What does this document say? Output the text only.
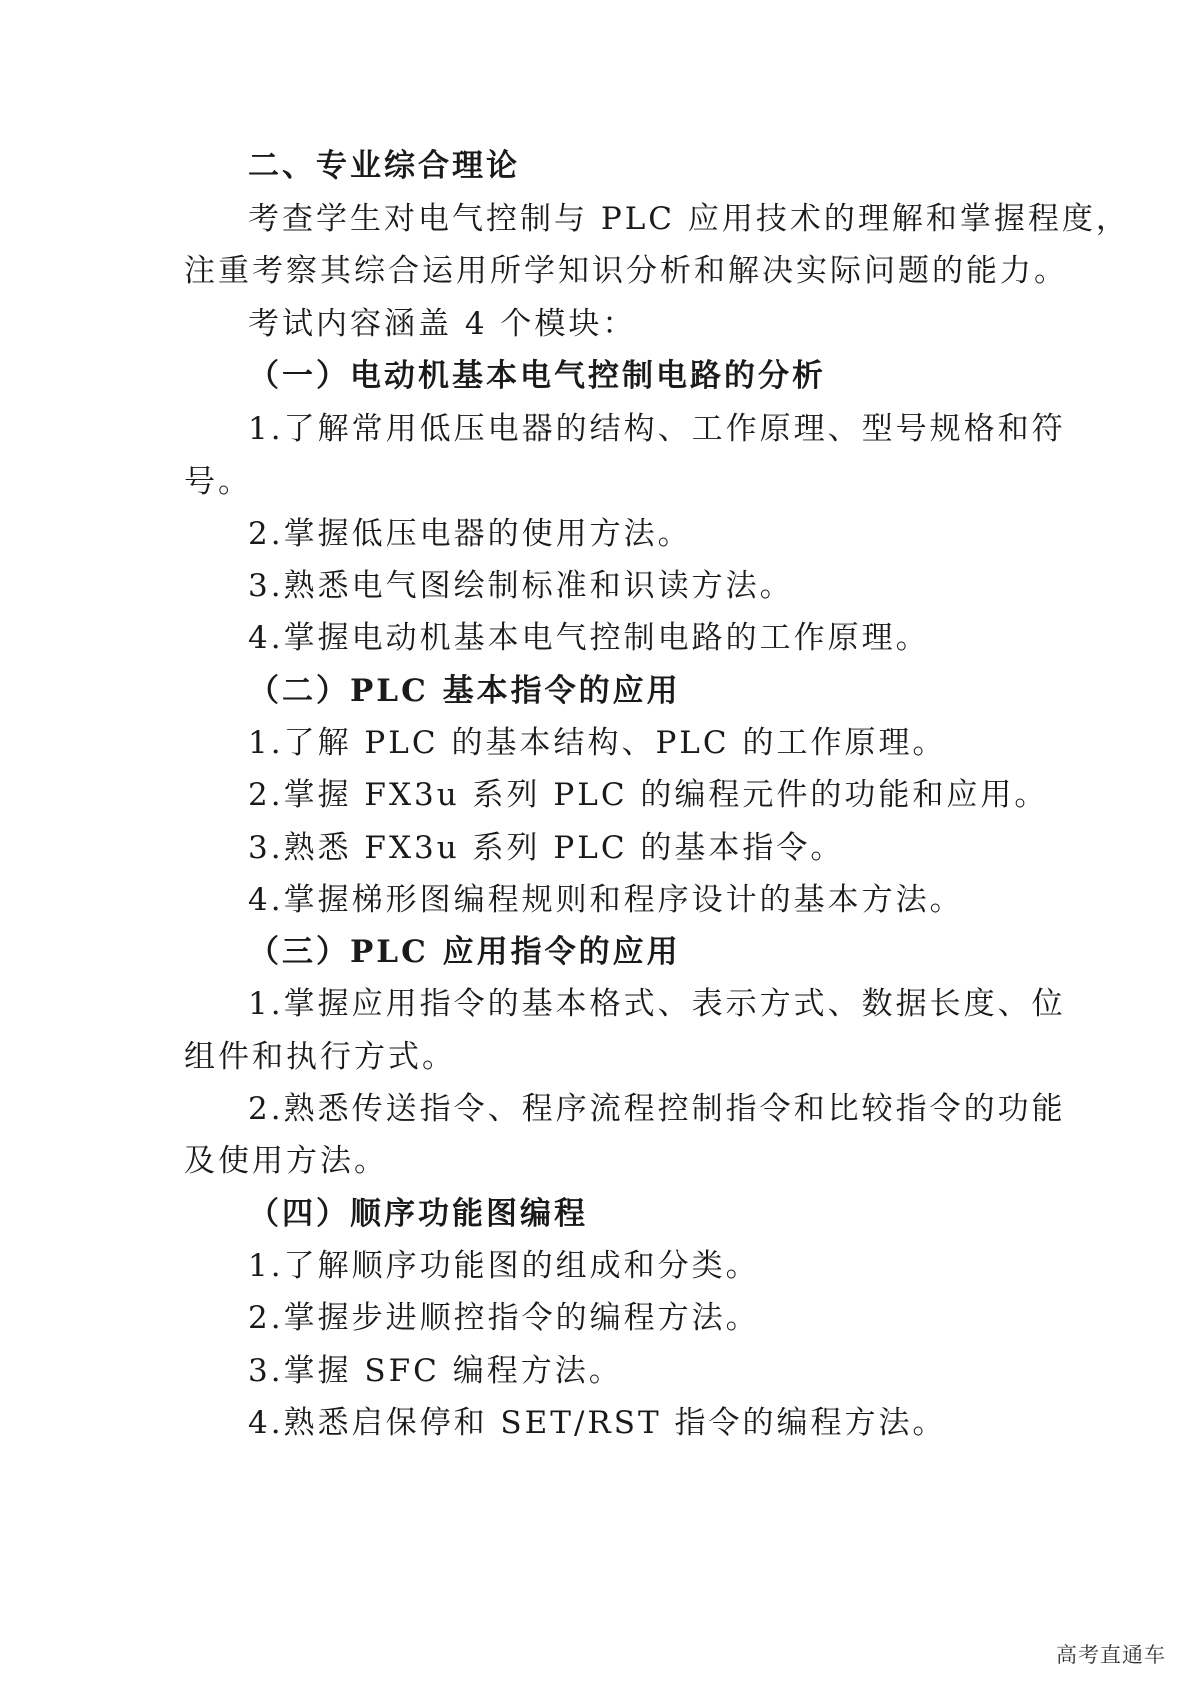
二、专业综合理论
考查学生对电气控制与 PLC 应用技术的理解和掌握程度，
注重考察其综合运用所学知识分析和解决实际问题的能力。
考试内容涵盖 4 个模块：
（一）电动机基本电气控制电路的分析
1.了解常用低压电器的结构、工作原理、型号规格和符
号。
2.掌握低压电器的使用方法。
3.熟悉电气图绘制标准和识读方法。
4.掌握电动机基本电气控制电路的工作原理。
（二）PLC 基本指令的应用
1.了解 PLC 的基本结构、PLC 的工作原理。
2.掌握 FX3u 系列 PLC 的编程元件的功能和应用。
3.熟悉 FX3u 系列 PLC 的基本指令。
4.掌握梯形图编程规则和程序设计的基本方法。
（三）PLC 应用指令的应用
1.掌握应用指令的基本格式、表示方式、数据长度、位
组件和执行方式。
2.熟悉传送指令、程序流程控制指令和比较指令的功能
及使用方法。
（四）顺序功能图编程
1.了解顺序功能图的组成和分类。
2.掌握步进顺控指令的编程方法。
3.掌握 SFC 编程方法。
4.熟悉启保停和 SET/RST 指令的编程方法。
高考直通车
